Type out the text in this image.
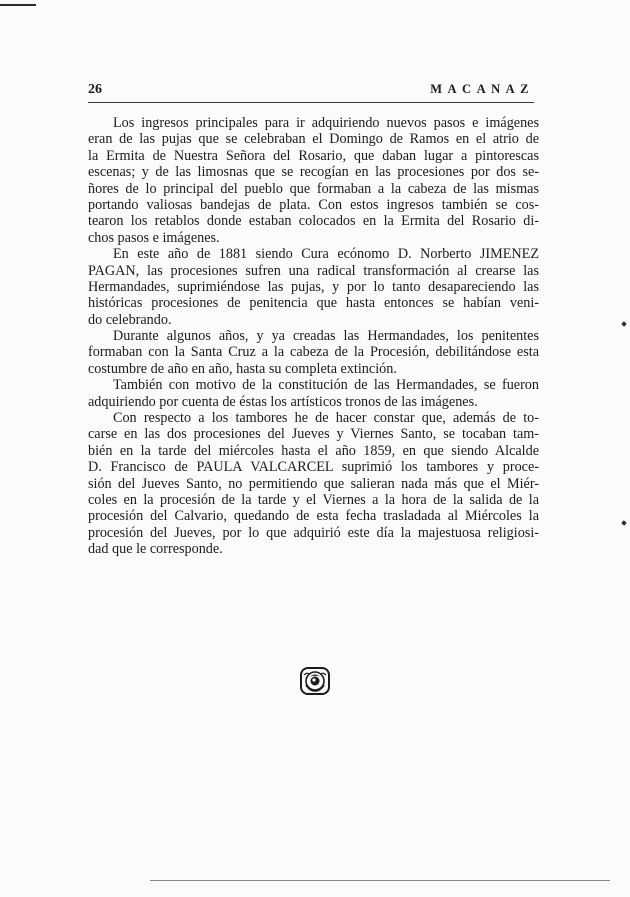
26	MACANAZ
Los ingresos principales para ir adquiriendo nuevos pasos e imágenes
eran de las pujas que se celebraban el Domingo de Ramos en el atrio de
la Ermita de Nuestra Señora del Rosario, que daban lugar a pintorescas
escenas; y de las limosnas que se recogían en las procesiones por dos se-
ñores de lo principal del pueblo que formaban a la cabeza de las mismas
portando valiosas bandejas de plata. Con estos ingresos también se cos-
tearon los retablos donde estaban colocados en la Ermita del Rosario di-
chos pasos e imágenes.
En este año de 1881 siendo Cura ecónomo D. Norberto JIMENEZ
PAGAN, las procesiones sufren una radical transformación al crearse las
Hermandades, suprimiéndose las pujas, y por lo tanto desapareciendo las
históricas procesiones de penitencia que hasta entonces se habían veni-
do celebrando.
Durante algunos años, y ya creadas las Hermandades, los penitentes
formaban con la Santa Cruz a la cabeza de la Procesión, debilitándose esta
costumbre de año en año, hasta su completa extinción.
También con motivo de la constitución de las Hermandades, se fueron
adquiriendo por cuenta de éstas los artísticos tronos de las imágenes.
Con respecto a los tambores he de hacer constar que, además de to-
carse en las dos procesiones del Jueves y Viernes Santo, se tocaban tam-
bién en la tarde del miércoles hasta el año 1859, en que siendo Alcalde
D. Francisco de PAULA VALCARCEL suprimió los tambores y proce-
sión del Jueves Santo, no permitiendo que salieran nada más que el Miér-
coles en la procesión de la tarde y el Viernes a la hora de la salida de la
procesión del Calvario, quedando de esta fecha trasladada al Miércoles la
procesión del Jueves, por lo que adquirió este día la majestuosa religiosi-
dad que le corresponde.
